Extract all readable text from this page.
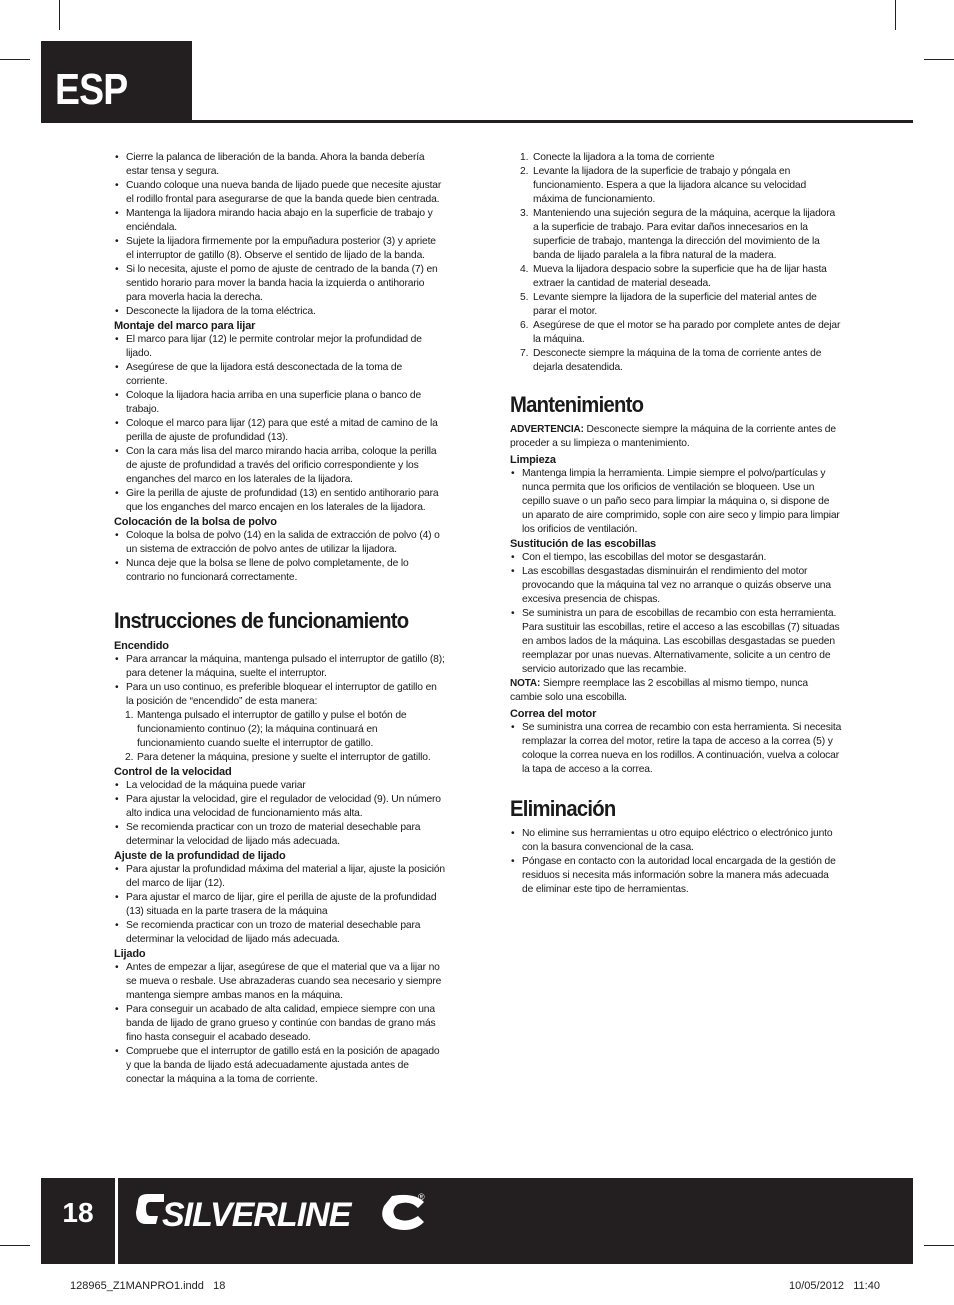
ESP

• Cierre la palanca de liberación de la banda. Ahora la banda debería estar tensa y segura.

• Cuando coloque una nueva banda de lijado puede que necesite ajustar el rodillo frontal para asegurarse de que la banda quede bien centrada.

• Mantenga la lijadora mirando hacia abajo en la superficie de trabajo y enciéndala.

• Sujete la lijadora firmemente por la empuñadura posterior (3) y apriete el interruptor de gatillo (8). Observe el sentido de lijado de la banda.

• Si lo necesita, ajuste el pomo de ajuste de centrado de la banda (7) en sentido horario para mover la banda hacia la izquierda o antihorario para moverla hacia la derecha.

• Desconecte la lijadora de la toma eléctrica.

Montaje del marco para lijar

• El marco para lijar (12) le permite controlar mejor la profundidad de lijado.

• Asegúrese de que la lijadora está desconectada de la toma de corriente.

• Coloque la lijadora hacia arriba en una superficie plana o banco de trabajo.

• Coloque el marco para lijar (12) para que esté a mitad de camino de la perilla de ajuste de profundidad (13).

• Con la cara más lisa del marco mirando hacia arriba, coloque la perilla de ajuste de profundidad a través del orificio correspondiente y los enganches del marco en los laterales de la lijadora.

• Gire la perilla de ajuste de profundidad (13) en sentido antihorario para que los enganches del marco encajen en los laterales de la lijadora.

Colocación de la bolsa de polvo

• Coloque la bolsa de polvo (14) en la salida de extracción de polvo (4) o un sistema de extracción de polvo antes de utilizar la lijadora.

• Nunca deje que la bolsa se llene de polvo completamente, de lo contrario no funcionará correctamente.

Instrucciones de funcionamiento

Encendido

• Para arrancar la máquina, mantenga pulsado el interruptor de gatillo (8); para detener la máquina, suelte el interruptor.

• Para un uso continuo, es preferible bloquear el interruptor de gatillo en la posición de “encendido” de esta manera:

1. Mantenga pulsado el interruptor de gatillo y pulse el botón de funcionamiento continuo (2); la máquina continuará en funcionamiento cuando suelte el interruptor de gatillo.

2. Para detener la máquina, presione y suelte el interruptor de gatillo.

Control de la velocidad

• La velocidad de la máquina puede variar

• Para ajustar la velocidad, gire el regulador de velocidad (9). Un número alto indica una velocidad de funcionamiento más alta.

• Se recomienda practicar con un trozo de material desechable para determinar la velocidad de lijado más adecuada.

Ajuste de la profundidad de lijado

• Para ajustar la profundidad máxima del material a lijar, ajuste la posición del marco de lijar (12).

• Para ajustar el marco de lijar, gire el perilla de ajuste de la profundidad (13) situada en la parte trasera de la máquina

• Se recomienda practicar con un trozo de material desechable para determinar la velocidad de lijado más adecuada.

Lijado

• Antes de empezar a lijar, asegúrese de que el material que va a lijar no se mueva o resbale. Use abrazaderas cuando sea necesario y siempre mantenga siempre ambas manos en la máquina.

• Para conseguir un acabado de alta calidad, empiece siempre con una banda de lijado de grano grueso y continúe con bandas de grano más fino hasta conseguir el acabado deseado.

• Compruebe que el interruptor de gatillo está en la posición de apagado y que la banda de lijado está adecuadamente ajustada antes de conectar la máquina a la toma de corriente.

1. Conecte la lijadora a la toma de corriente

2. Levante la lijadora de la superficie de trabajo y póngala en funcionamiento. Espera a que la lijadora alcance su velocidad máxima de funcionamiento.

3. Manteniendo una sujeción segura de la máquina, acerque la lijadora a la superficie de trabajo. Para evitar daños innecesarios en la superficie de trabajo, mantenga la dirección del movimiento de la banda de lijado paralela a la fibra natural de la madera.

4. Mueva la lijadora despacio sobre la superficie que ha de lijar hasta extraer la cantidad de material deseada.

5. Levante siempre la lijadora de la superficie del material antes de parar el motor.

6. Asegúrese de que el motor se ha parado por complete antes de dejar la máquina.

7. Desconecte siempre la máquina de la toma de corriente antes de dejarla desatendida.

Mantenimiento

ADVERTENCIA: Desconecte siempre la máquina de la corriente antes de proceder a su limpieza o mantenimiento.

Limpieza

• Mantenga limpia la herramienta. Limpie siempre el polvo/partículas y nunca permita que los orificios de ventilación se bloqueen. Use un cepillo suave o un paño seco para limpiar la máquina o, si dispone de un aparato de aire comprimido, sople con aire seco y limpio para limpiar los orificios de ventilación.

Sustitución de las escobillas

• Con el tiempo, las escobillas del motor se desgastarán.

• Las escobillas desgastadas disminuirán el rendimiento del motor provocando que la máquina tal vez no arranque o quizás observe una excesiva presencia de chispas.

• Se suministra un para de escobillas de recambio con esta herramienta. Para sustituir las escobillas, retire el acceso a las escobillas (7) situadas en ambos lados de la máquina. Las escobillas desgastadas se pueden reemplazar por unas nuevas. Alternativamente, solicite a un centro de servicio autorizado que las recambie.

NOTA: Siempre reemplace las 2 escobillas al mismo tiempo, nunca cambie solo una escobilla.

Correa del motor

• Se suministra una correa de recambio con esta herramienta. Si necesita remplazar la correa del motor, retire la tapa de acceso a la correa (5) y coloque la correa nueva en los rodillos. A continuación, vuelva a colocar la tapa de acceso a la correa.

Eliminación

• No elimine sus herramientas u otro equipo eléctrico o electrónico junto con la basura convencional de la casa.

• Póngase en contacto con la autoridad local encargada de la gestión de residuos si necesita más información sobre la manera más adecuada de eliminar este tipo de herramientas.

18	SILVERLINE	®
128965_Z1MANPRO1.indd   18	10/05/2012   11:40
